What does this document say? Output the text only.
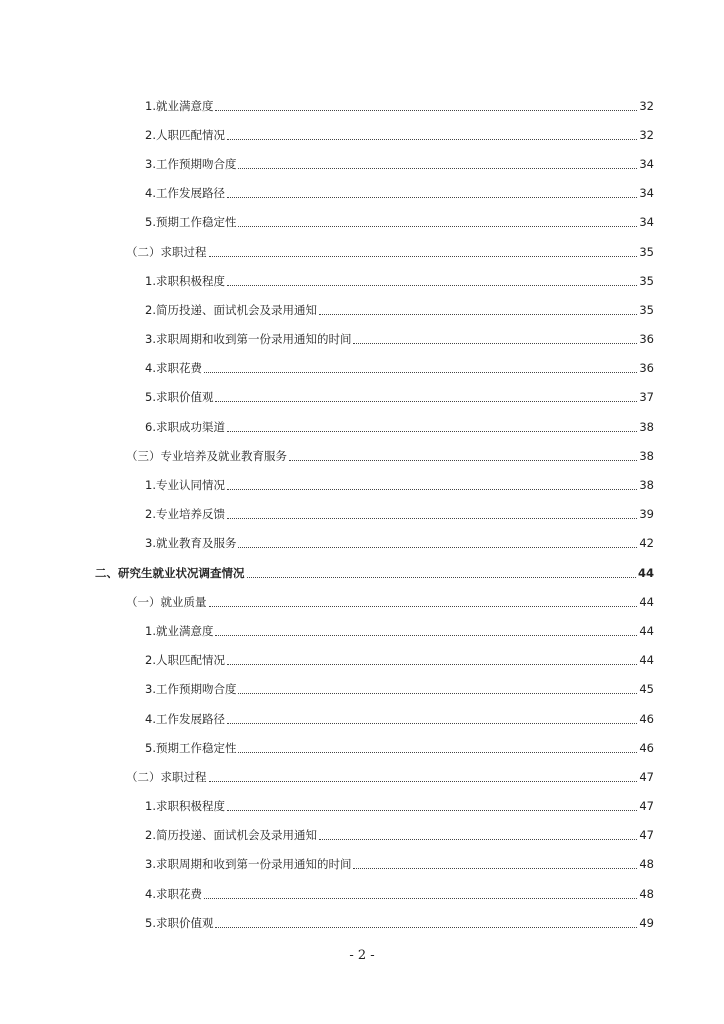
1.就业满意度	32
2.人职匹配情况	32
3.工作预期吻合度	34
4.工作发展路径	34
5.预期工作稳定性	34
（二）求职过程	35
1.求职积极程度	35
2.简历投递、面试机会及录用通知	35
3.求职周期和收到第一份录用通知的时间	36
4.求职花费	36
5.求职价值观	37
6.求职成功渠道	38
（三）专业培养及就业教育服务	38
1.专业认同情况	38
2.专业培养反馈	39
3.就业教育及服务	42
二、研究生就业状况调查情况	44
（一）就业质量	44
1.就业满意度	44
2.人职匹配情况	44
3.工作预期吻合度	45
4.工作发展路径	46
5.预期工作稳定性	46
（二）求职过程	47
1.求职积极程度	47
2.简历投递、面试机会及录用通知	47
3.求职周期和收到第一份录用通知的时间	48
4.求职花费	48
5.求职价值观	49
- 2 -
